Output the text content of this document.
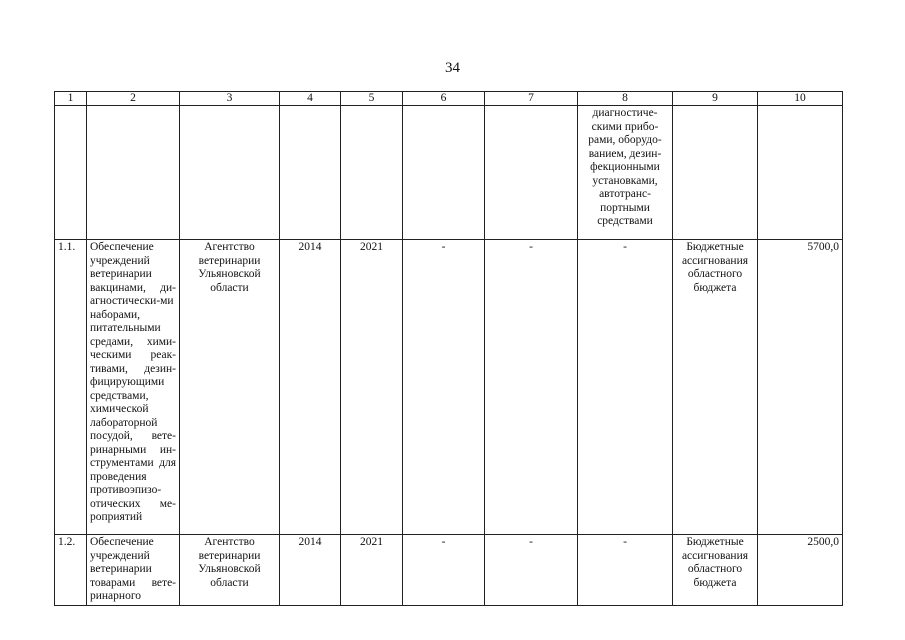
34
1	2	3	4	5	6	7	8	9	10
							диагностиче-скими прибо-рами, оборудо-ванием, дезин-фекционными установками, автотранс-портными средствами		
1.1.	Обеспечение учреждений ветеринарии вакцинами, ди-агностически-ми наборами, питательными средами, хими-ческими реак-тивами, дезин-фицирующими средствами, химической лабораторной посудой, вете-ринарными ин-струментами для проведения противоэпизо-отических ме-роприятий	Агентство ветеринарии Ульяновской области	2014	2021	-	-	-	Бюджетные ассигнования областного бюджета	5700,0
1.2.	Обеспечение учреждений ветеринарии товарами вете-ринарного	Агентство ветеринарии Ульяновской области	2014	2021	-	-	-	Бюджетные ассигнования областного бюджета	2500,0
